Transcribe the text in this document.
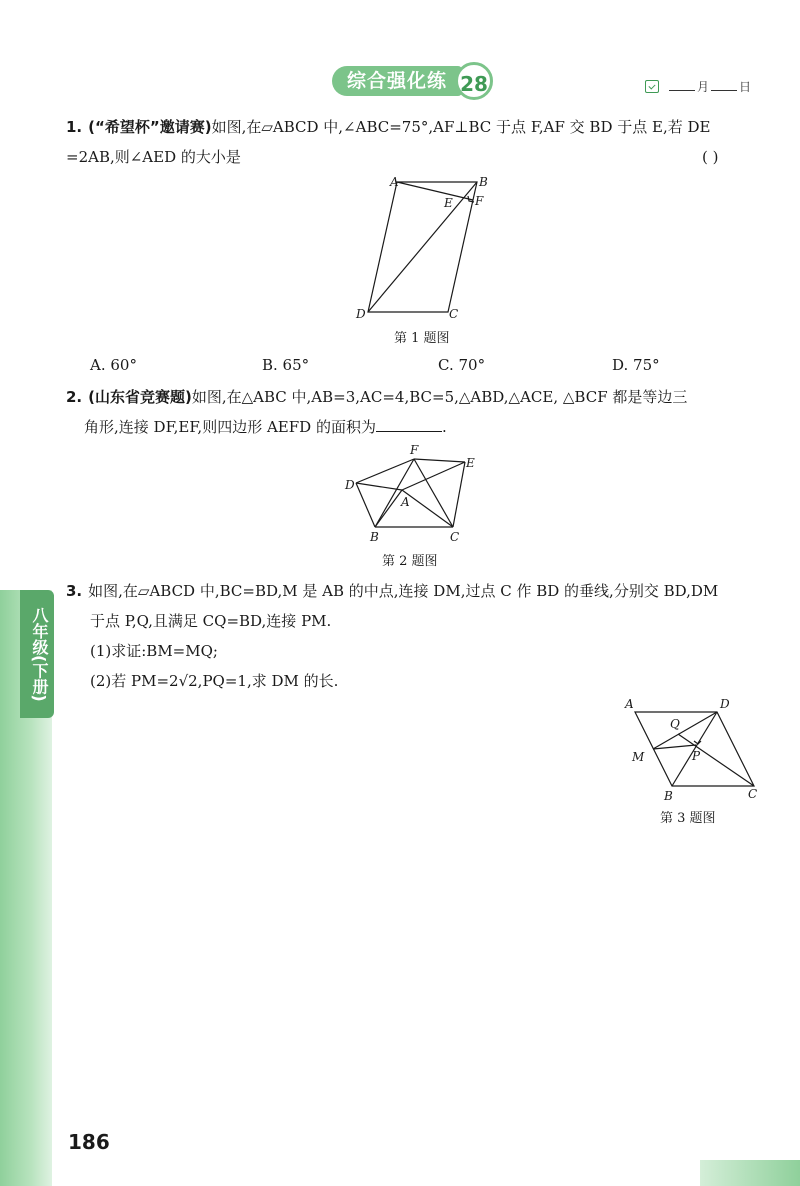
综合强化练 28	月	日
1. (“希望杯”邀请赛)如图,在▱ABCD 中,∠ABC=75°,AF⊥BC 于点 F,AF 交 BD 于点 E,若 DE
=2AB,则∠AED 的大小是	( )
A	B
E F
D	C
第 1 题图
A. 60°	B. 65°	C. 70°	D. 75°
2. (山东省竞赛题)如图,在△ABC 中,AB=3,AC=4,BC=5,△ABD,△ACE, △BCF 都是等边三
角形,连接 DF,EF,则四边形 AEFD 的面积为	.
F
E
D
A
B	C
第 2 题图
3. 如图,在▱ABCD 中,BC=BD,M 是 AB 的中点,连接 DM,过点 C 作 BD 的垂线,分别交 BD,DM
于点 P,Q,且满足 CQ=BD,连接 PM.
(1)求证:BM=MQ;
(2)若 PM=2√2,PQ=1,求 DM 的长.
A	D
Q
P
M
B	C
第 3 题图
八年级(下册)
186
